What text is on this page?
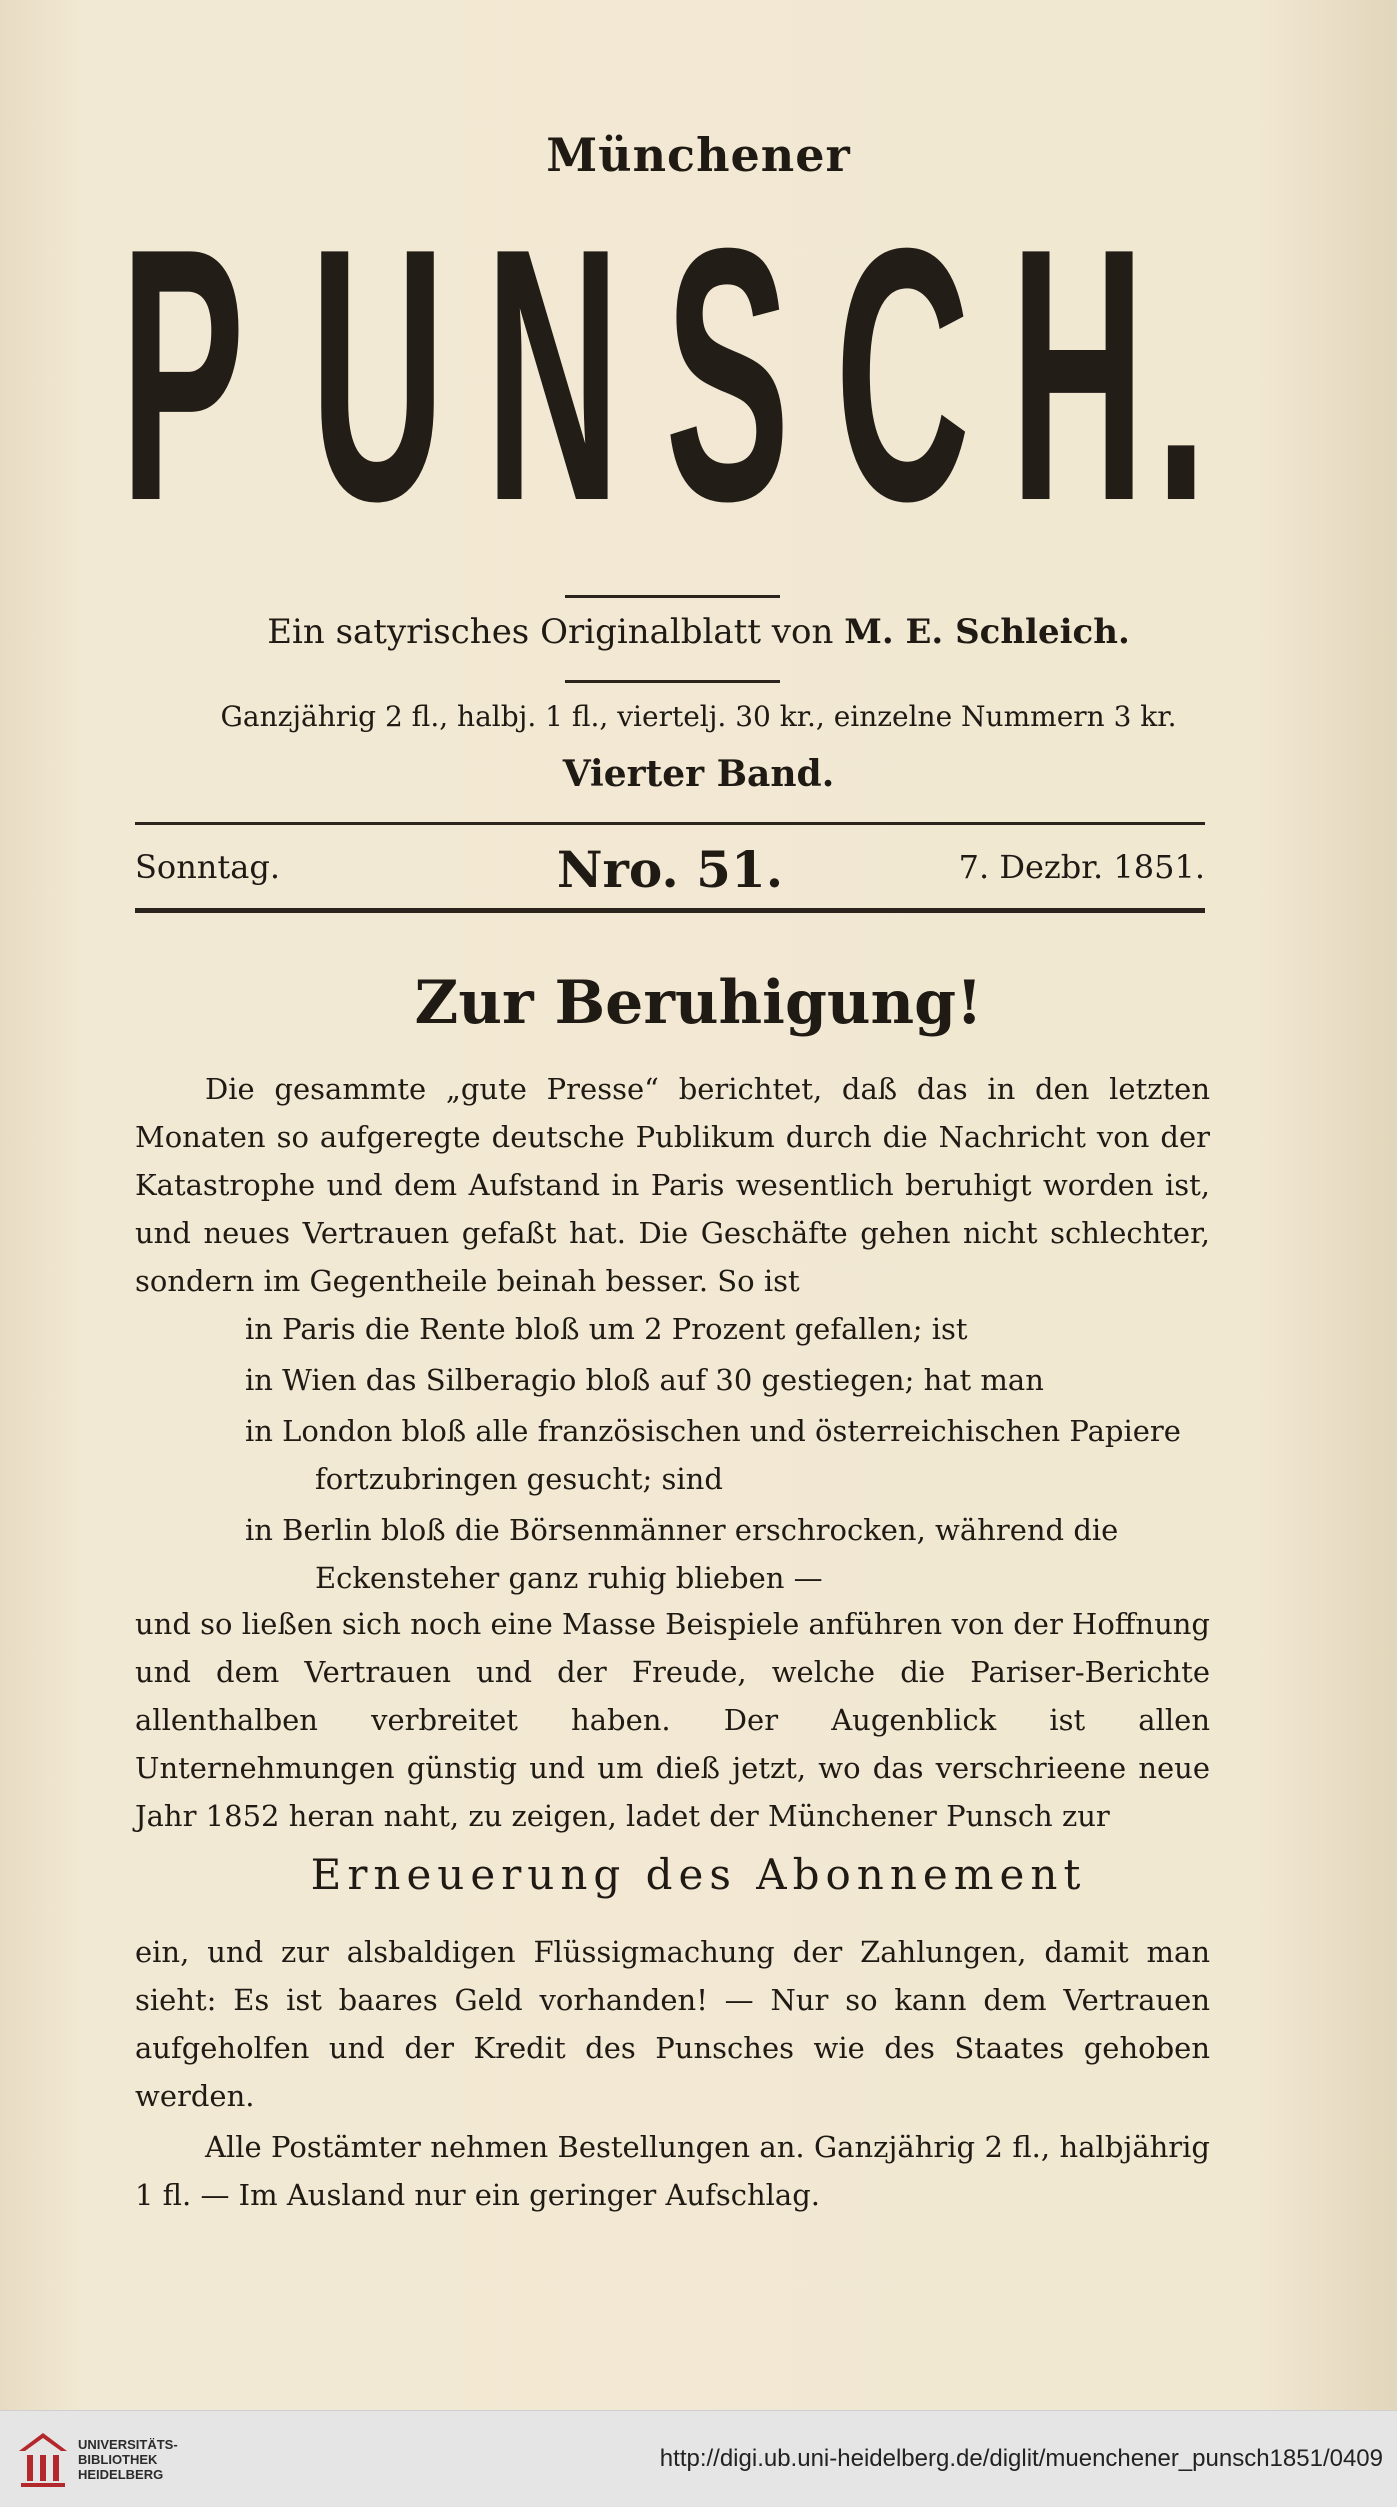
Münchener
P U N S C H .
Ein satyrisches Originalblatt von M. E. Schleich.
Ganzjährig 2 fl., halbj. 1 fl., viertelj. 30 kr., einzelne Nummern 3 kr.
Vierter Band.
Sonntag.	Nro. 51.	7. Dezbr. 1851.
Zur Beruhigung!
Die gesammte „gute Presse“ berichtet, daß das in den letzten Monaten so aufgeregte deutsche Publikum durch die Nachricht von der Katastrophe und dem Aufstand in Paris wesentlich beruhigt worden ist, und neues Vertrauen gefaßt hat. Die Geschäfte gehen nicht schlechter, sondern im Gegentheile beinah besser. So ist
in Paris die Rente bloß um 2 Prozent gefallen; ist
in Wien das Silberagio bloß auf 30 gestiegen; hat man
in London bloß alle französischen und österreichischen Papiere
fortzubringen gesucht; sind
in Berlin bloß die Börsenmänner erschrocken, während die
Eckensteher ganz ruhig blieben —
und so ließen sich noch eine Masse Beispiele anführen von der Hoffnung und dem Vertrauen und der Freude, welche die Pariser-Berichte allenthalben verbreitet haben. Der Augenblick ist allen Unternehmungen günstig und um dieß jetzt, wo das verschrieene neue Jahr 1852 heran naht, zu zeigen, ladet der Münchener Punsch zur
Erneuerung des Abonnement
ein, und zur alsbaldigen Flüssigmachung der Zahlungen, damit man sieht: Es ist baares Geld vorhanden! — Nur so kann dem Vertrauen aufgeholfen und der Kredit des Punsches wie des Staates gehoben werden.
Alle Postämter nehmen Bestellungen an. Ganzjährig 2 fl., halbjährig 1 fl. — Im Ausland nur ein geringer Aufschlag.
UNIVERSITÄTS-
BIBLIOTHEK
HEIDELBERG
http://digi.ub.uni-heidelberg.de/diglit/muenchener_punsch1851/0409
